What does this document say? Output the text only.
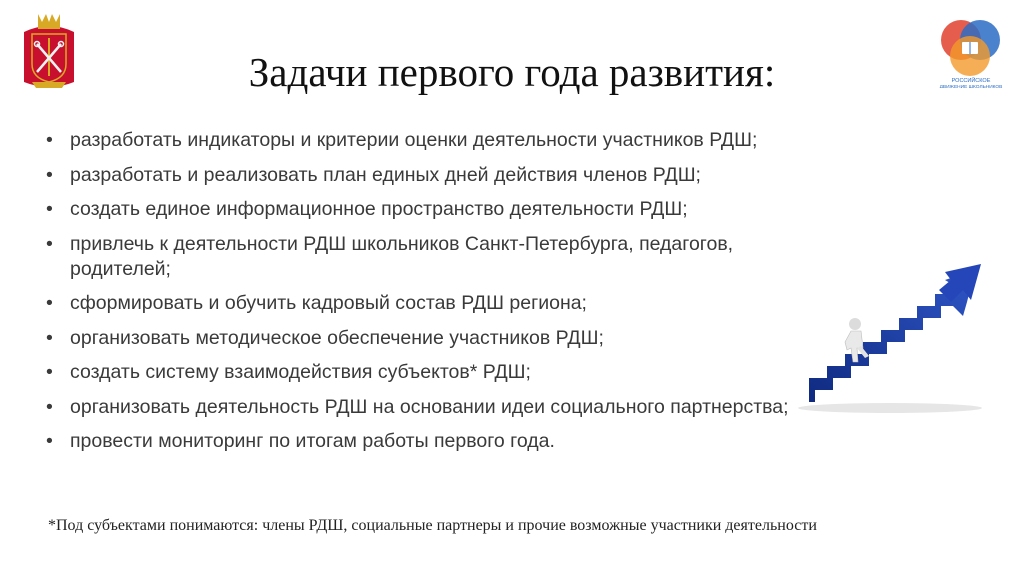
РОССИЙСКОЕ
ДВИЖЕНИЕ ШКОЛЬНИКОВ
Задачи первого года развития:
• разработать индикаторы и критерии оценки деятельности участников РДШ;
• разработать и реализовать план единых дней действия членов РДШ;
• создать единое информационное пространство деятельности РДШ;
• привлечь к деятельности РДШ школьников Санкт-Петербурга, педагогов, родителей;
• сформировать и обучить кадровый состав РДШ региона;
• организовать методическое обеспечение участников РДШ;
• создать систему взаимодействия субъектов* РДШ;
• организовать деятельность РДШ на основании идеи социального партнерства;
• провести мониторинг по итогам работы первого года.
*Под субъектами понимаются: члены РДШ, социальные партнеры и прочие возможные участники деятельности
